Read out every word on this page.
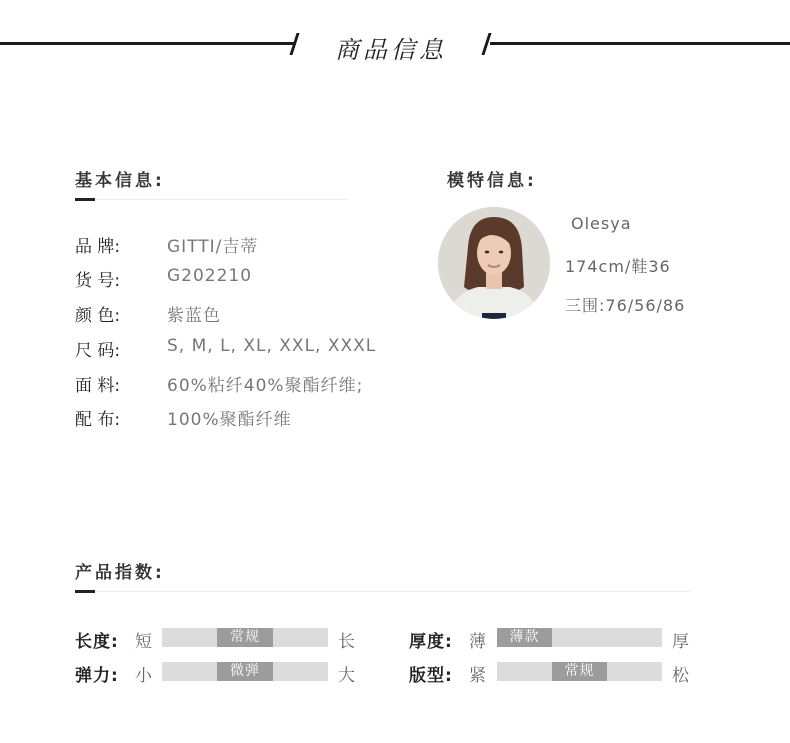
商品信息
基本信息:
品 牌:	GITTI/吉蒂
货 号:	G202210
颜 色:	紫蓝色
尺 码:	S, M, L, XL, XXL, XXXL
面 料:	60%粘纤40%聚酯纤维;
配 布:	100%聚酯纤维
模特信息:
Olesya
174cm/鞋36
三围:76/56/86
产品指数:
长度: 短	常规	长	厚度: 薄	薄款	厚
弹力: 小	微弹	大	版型: 紧	常规	松
